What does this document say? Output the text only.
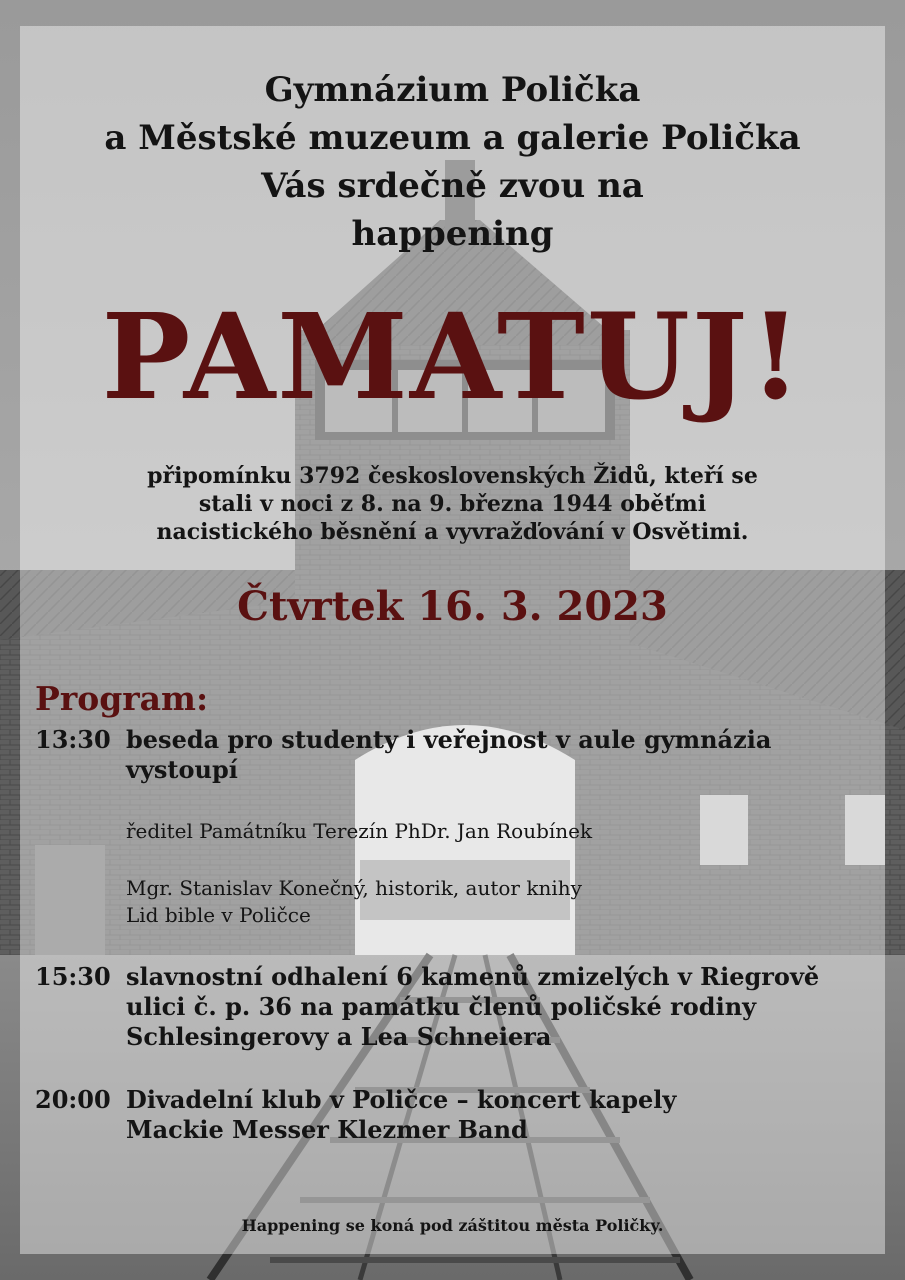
Gymnázium Polička
a Městské muzeum a galerie Polička
Vás srdečně zvou na
happening
PAMATUJ!
připomínku 3792 československých Židů, kteří se
stali v noci z 8. na 9. března 1944 oběťmi
nacistického běsnění a vyvražďování v Osvětimi.
Čtvrtek 16. 3. 2023
Program:
13:30 beseda pro studenty i veřejnost v aule gymnázia
vystoupí
ředitel Památníku Terezín PhDr. Jan Roubínek
Mgr. Stanislav Konečný, historik, autor knihy
Lid bible v Poličce
15:30 slavnostní odhalení 6 kamenů zmizelých v Riegrově
ulici č. p. 36 na památku členů poličské rodiny
Schlesingerovy a Lea Schneiera
20:00 Divadelní klub v Poličce – koncert kapely
Mackie Messer Klezmer Band
Happening se koná pod záštitou města Poličky.
